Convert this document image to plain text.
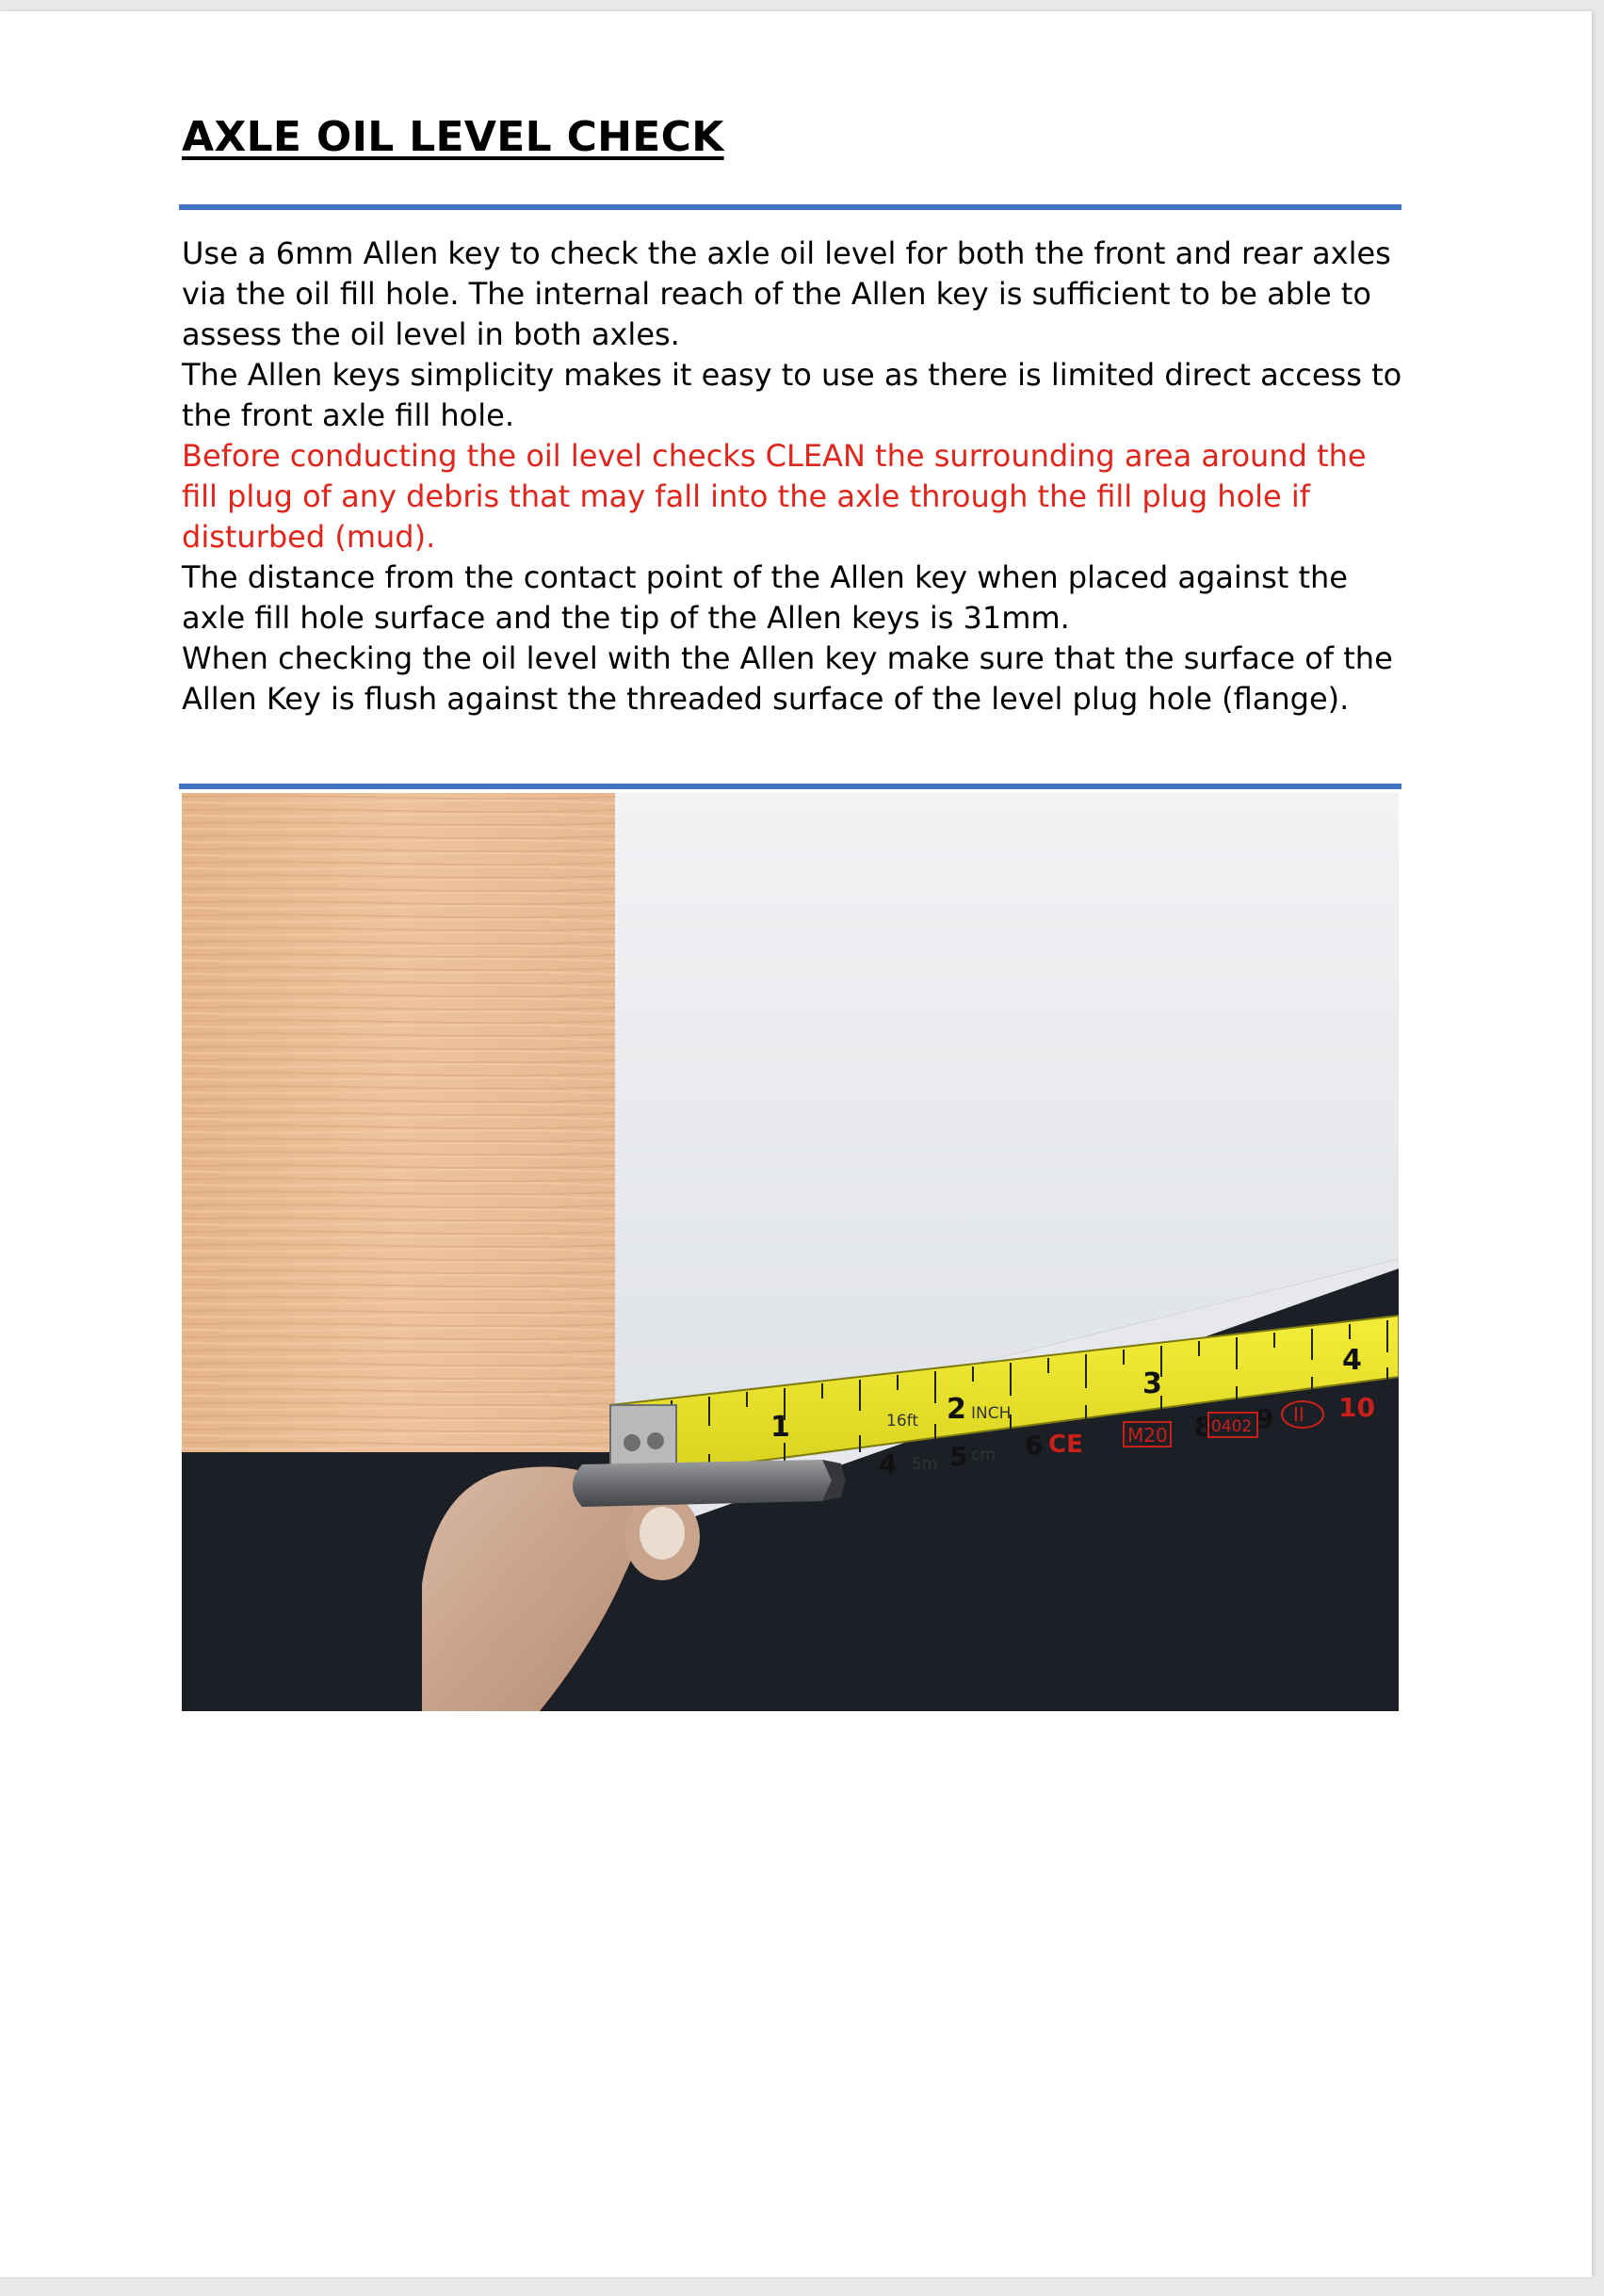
AXLE OIL LEVEL CHECK

Use a 6mm Allen key to check the axle oil level for both the front and rear axles via the oil fill hole. The internal reach of the Allen key is sufficient to be able to assess the oil level in both axles.

The Allen keys simplicity makes it easy to use as there is limited direct access to the front axle fill hole.

Before conducting the oil level checks CLEAN the surrounding area around the fill plug of any debris that may fall into the axle through the fill plug hole if disturbed (mud).

The distance from the contact point of the Allen key when placed against the axle fill hole surface and the tip of the Allen keys is 31mm.

When checking the oil level with the Allen key make sure that the surface of the Allen Key is flush against the threaded surface of the level plug hole (flange).

1
2
3
4
16ft	INCH
5m cm
4 5 6
8 9 10
CE M20	0402
II
